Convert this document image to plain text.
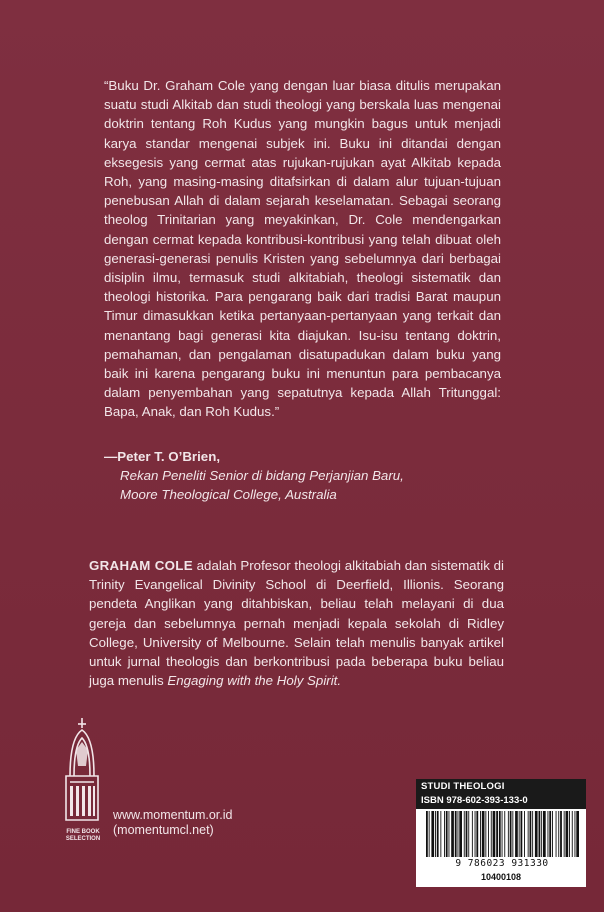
“Buku Dr. Graham Cole yang dengan luar biasa ditulis merupakan suatu studi Alkitab dan studi theologi yang berskala luas mengenai doktrin tentang Roh Kudus yang mungkin bagus untuk menjadi karya standar mengenai subjek ini. Buku ini ditandai dengan eksegesis yang cermat atas rujukan-rujukan ayat Alkitab kepada Roh, yang masing-masing ditafsirkan di dalam alur tujuan-tujuan penebusan Allah di dalam sejarah keselamatan. Sebagai seorang theolog Trinitarian yang meyakinkan, Dr. Cole mendengarkan dengan cermat kepada kontribusi-kontribusi yang telah dibuat oleh generasi-generasi penulis Kristen yang sebelumnya dari berbagai disiplin ilmu, termasuk studi alkitabiah, theologi sistematik dan theologi historika. Para pengarang baik dari tradisi Barat maupun Timur dimasukkan ketika pertanyaan-pertanyaan yang terkait dan menantang bagi generasi kita diajukan. Isu-isu tentang doktrin, pemahaman, dan pengalaman disatupadukan dalam buku yang baik ini karena pengarang buku ini menuntun para pembacanya dalam penyembahan yang sepatutnya kepada Allah Tritunggal: Bapa, Anak, dan Roh Kudus.”

—Peter T. O’Brien,

Rekan Peneliti Senior di bidang Perjanjian Baru,

Moore Theological College, Australia

GRAHAM COLE adalah Profesor theologi alkitabiah dan sistematik di Trinity Evangelical Divinity School di Deerfield, Illionis. Seorang pendeta Anglikan yang ditahbiskan, beliau telah melayani di dua gereja dan sebelumnya pernah menjadi kepala sekolah di Ridley College, University of Melbourne. Selain telah menulis banyak artikel untuk jurnal theologis dan berkontribusi pada beberapa buku beliau juga menulis Engaging with the Holy Spirit.

FINE BOOK
SELECTION

www.momentum.or.id

(momentumcl.net)

STUDI THEOLOGI

ISBN 978-602-393-133-0

9 786023 931330

10400108
